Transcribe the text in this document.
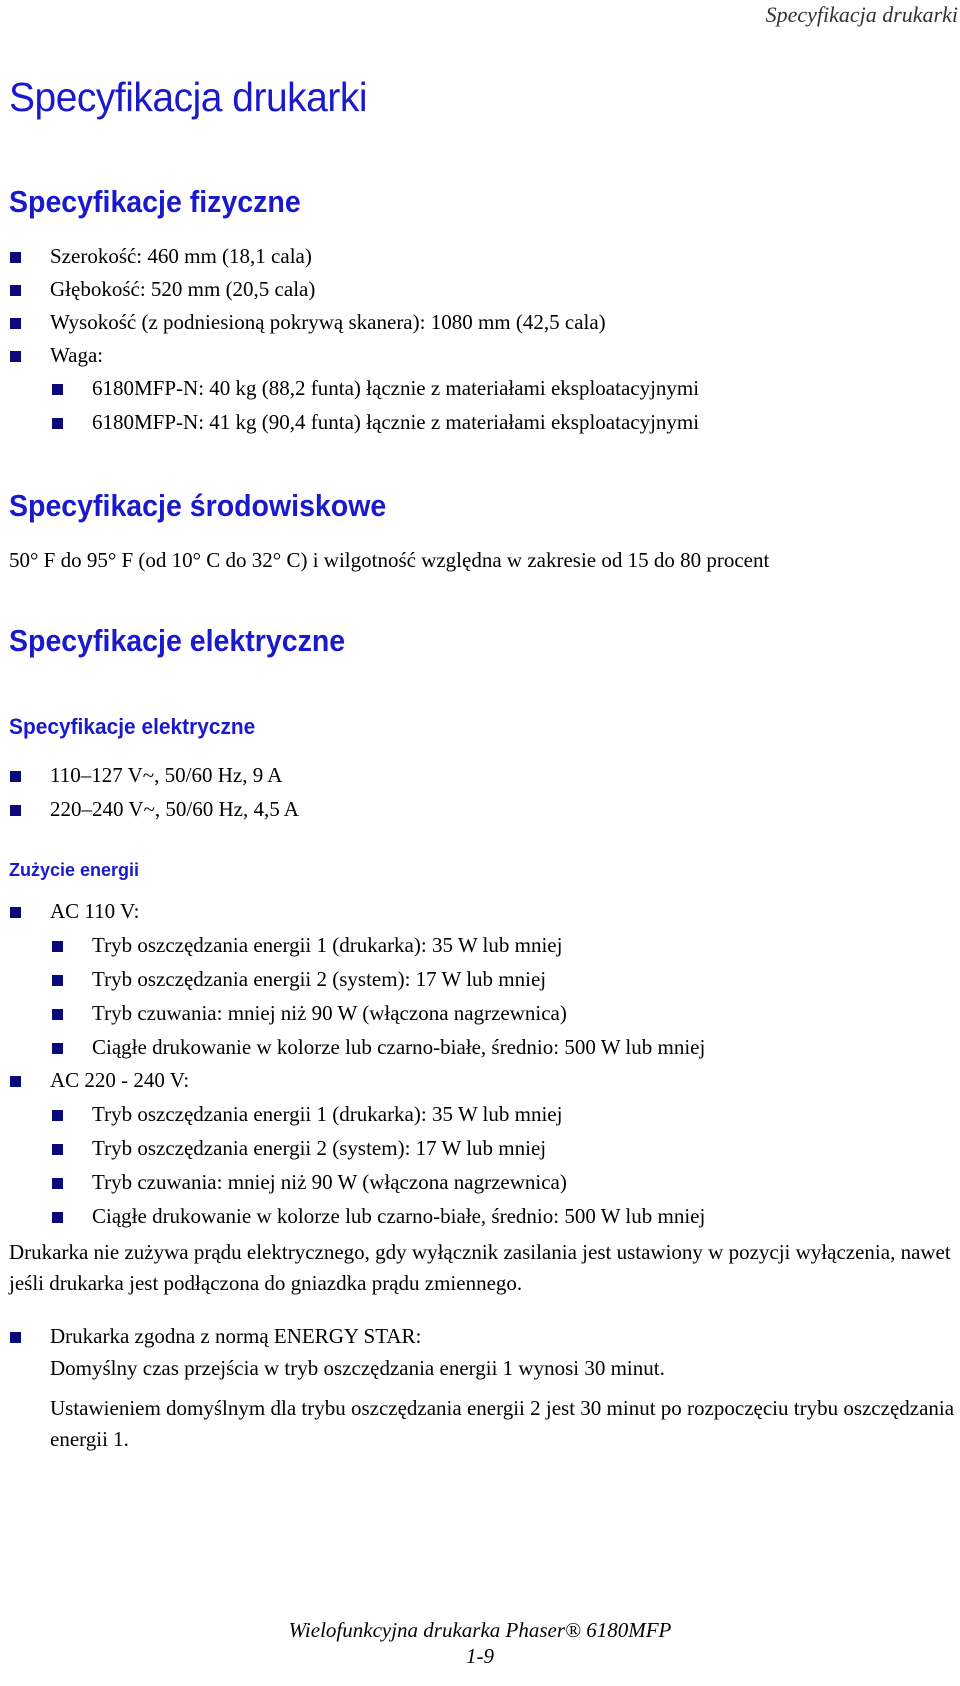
Specyfikacja drukarki
Specyfikacja drukarki
Specyfikacje fizyczne
Szerokość: 460 mm (18,1 cala)
Głębokość: 520 mm (20,5 cala)
Wysokość (z podniesioną pokrywą skanera): 1080 mm (42,5 cala)
Waga:
6180MFP-N: 40 kg (88,2 funta) łącznie z materiałami eksploatacyjnymi
6180MFP-N: 41 kg (90,4 funta) łącznie z materiałami eksploatacyjnymi
Specyfikacje środowiskowe
50° F do 95° F (od 10° C do 32° C) i wilgotność względna w zakresie od 15 do 80 procent
Specyfikacje elektryczne
Specyfikacje elektryczne
110–127 V~, 50/60 Hz, 9 A
220–240 V~, 50/60 Hz, 4,5 A
Zużycie energii
AC 110 V:
Tryb oszczędzania energii 1 (drukarka): 35 W lub mniej
Tryb oszczędzania energii 2 (system): 17 W lub mniej
Tryb czuwania: mniej niż 90 W (włączona nagrzewnica)
Ciągłe drukowanie w kolorze lub czarno-białe, średnio: 500 W lub mniej
AC 220 - 240 V:
Tryb oszczędzania energii 1 (drukarka): 35 W lub mniej
Tryb oszczędzania energii 2 (system): 17 W lub mniej
Tryb czuwania: mniej niż 90 W (włączona nagrzewnica)
Ciągłe drukowanie w kolorze lub czarno-białe, średnio: 500 W lub mniej
Drukarka nie zużywa prądu elektrycznego, gdy wyłącznik zasilania jest ustawiony w pozycji wyłączenia, nawet jeśli drukarka jest podłączona do gniazdka prądu zmiennego.
Drukarka zgodna z normą ENERGY STAR:
Domyślny czas przejścia w tryb oszczędzania energii 1 wynosi 30 minut.
Ustawieniem domyślnym dla trybu oszczędzania energii 2 jest 30 minut po rozpoczęciu trybu oszczędzania energii 1.
Wielofunkcyjna drukarka Phaser® 6180MFP
1-9
